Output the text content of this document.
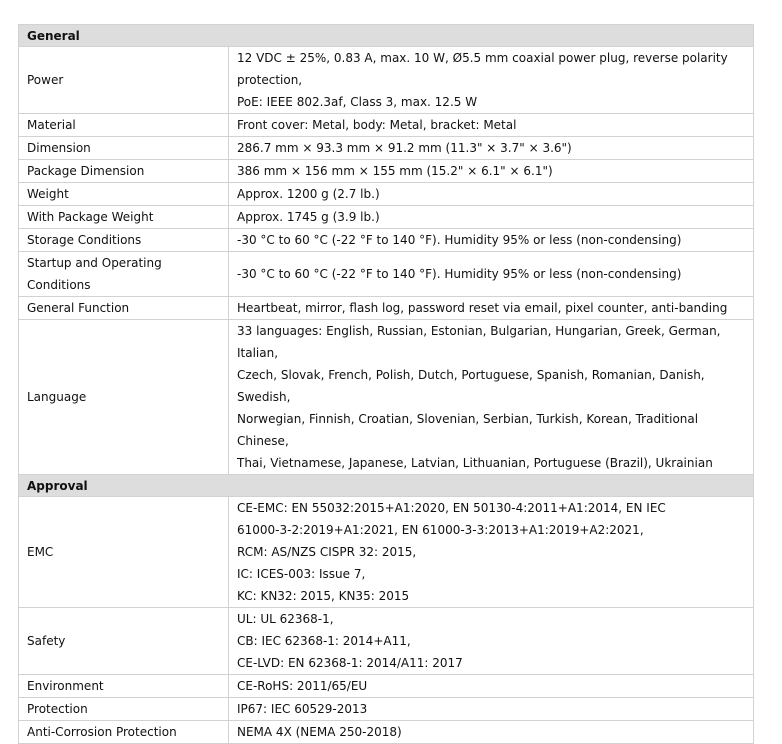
General	
Power	12 VDC ± 25%, 0.83 A, max. 10 W, Ø5.5 mm coaxial power plug, reverse polarity
protection,
PoE: IEEE 802.3af, Class 3, max. 12.5 W

Material	Front cover: Metal, body: Metal, bracket: Metal

Dimension	286.7 mm × 93.3 mm × 91.2 mm (11.3" × 3.7" × 3.6")

Package Dimension	386 mm × 156 mm × 155 mm (15.2" × 6.1" × 6.1")

Weight	Approx. 1200 g (2.7 lb.)

With Package Weight	Approx. 1745 g (3.9 lb.)

Storage Conditions	-30 °C to 60 °C (-22 °F to 140 °F). Humidity 95% or less (non-condensing)

Startup and Operating
Conditions	-30 °C to 60 °C (-22 °F to 140 °F). Humidity 95% or less (non-condensing)

General Function	Heartbeat, mirror, flash log, password reset via email, pixel counter, anti-banding

Language	33 languages: English, Russian, Estonian, Bulgarian, Hungarian, Greek, German, Italian,
Czech, Slovak, French, Polish, Dutch, Portuguese, Spanish, Romanian, Danish, Swedish,
Norwegian, Finnish, Croatian, Slovenian, Serbian, Turkish, Korean, Traditional Chinese,
Thai, Vietnamese, Japanese, Latvian, Lithuanian, Portuguese (Brazil), Ukrainian

Approval	
EMC	CE-EMC: EN 55032:2015+A1:2020, EN 50130-4:2011+A1:2014, EN IEC
61000-3-2:2019+A1:2021, EN 61000-3-3:2013+A1:2019+A2:2021,
RCM: AS/NZS CISPR 32: 2015,
IC: ICES-003: Issue 7,
KC: KN32: 2015, KN35: 2015

Safety	UL: UL 62368-1,
CB: IEC 62368-1: 2014+A11,
CE-LVD: EN 62368-1: 2014/A11: 2017

Environment	CE-RoHS: 2011/65/EU

Protection	IP67: IEC 60529-2013

Anti-Corrosion Protection	NEMA 4X (NEMA 250-2018)
